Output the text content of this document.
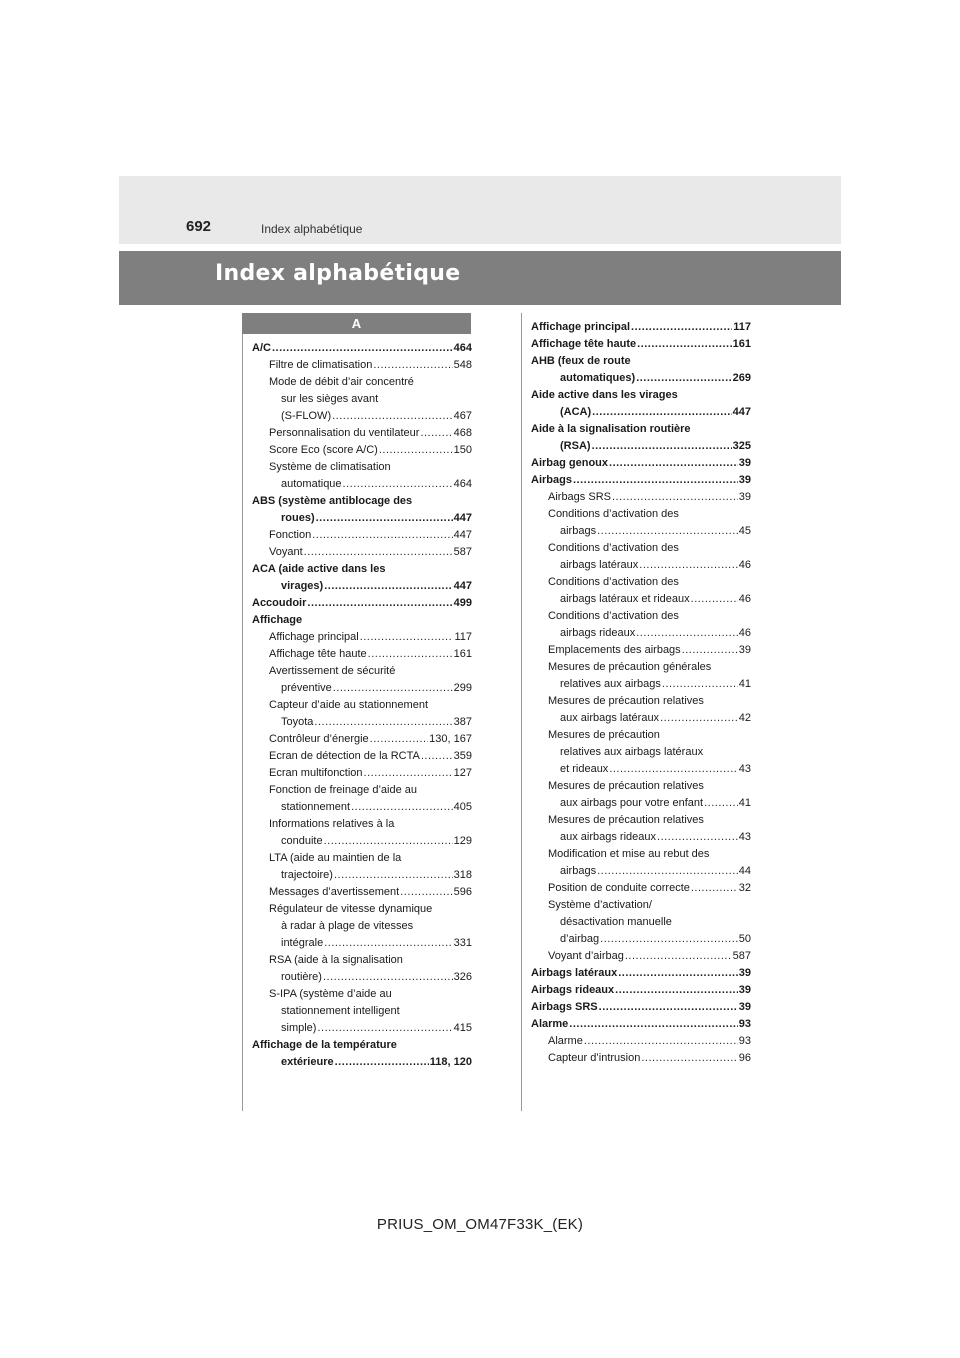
692	Index alphabétique
Index alphabétique
A
A/C .....	464
Filtre de climatisation .....	548
Mode de débit d’air concentré
sur les sièges avant
(S-FLOW) .....	467
Personnalisation du ventilateur .....	468
Score Eco (score A/C) .....	150
Système de climatisation
automatique .....	464
ABS (système antiblocage des
roues) .....	447
Fonction .....	447
Voyant .....	587
ACA (aide active dans les
virages) .....	447
Accoudoir .....	499
Affichage
Affichage principal .....	117
Affichage tête haute .....	161
Avertissement de sécurité
préventive .....	299
Capteur d’aide au stationnement
Toyota .....	387
Contrôleur d’énergie .....	130, 167
Ecran de détection de la RCTA .....	359
Ecran multifonction .....	127
Fonction de freinage d’aide au
stationnement .....	405
Informations relatives à la
conduite .....	129
LTA (aide au maintien de la
trajectoire) .....	318
Messages d’avertissement .....	596
Régulateur de vitesse dynamique
à radar à plage de vitesses
intégrale .....	331
RSA (aide à la signalisation
routière) .....	326
S-IPA (système d’aide au
stationnement intelligent
simple) .....	415
Affichage de la température
extérieure .....	118, 120
Affichage principal .....	117
Affichage tête haute .....	161
AHB (feux de route
automatiques) .....	269
Aide active dans les virages
(ACA) .....	447
Aide à la signalisation routière
(RSA) .....	325
Airbag genoux .....	39
Airbags .....	39
Airbags SRS .....	39
Conditions d’activation des
airbags .....	45
Conditions d’activation des
airbags latéraux .....	46
Conditions d’activation des
airbags latéraux et rideaux .....	46
Conditions d’activation des
airbags rideaux .....	46
Emplacements des airbags .....	39
Mesures de précaution générales
relatives aux airbags .....	41
Mesures de précaution relatives
aux airbags latéraux .....	42
Mesures de précaution
relatives aux airbags latéraux
et rideaux .....	43
Mesures de précaution relatives
aux airbags pour votre enfant .....	41
Mesures de précaution relatives
aux airbags rideaux .....	43
Modification et mise au rebut des
airbags .....	44
Position de conduite correcte .....	32
Système d’activation/
désactivation manuelle
d’airbag .....	50
Voyant d’airbag .....	587
Airbags latéraux .....	39
Airbags rideaux .....	39
Airbags SRS .....	39
Alarme .....	93
Alarme .....	93
Capteur d’intrusion .....	96
PRIUS_OM_OM47F33K_(EK)
